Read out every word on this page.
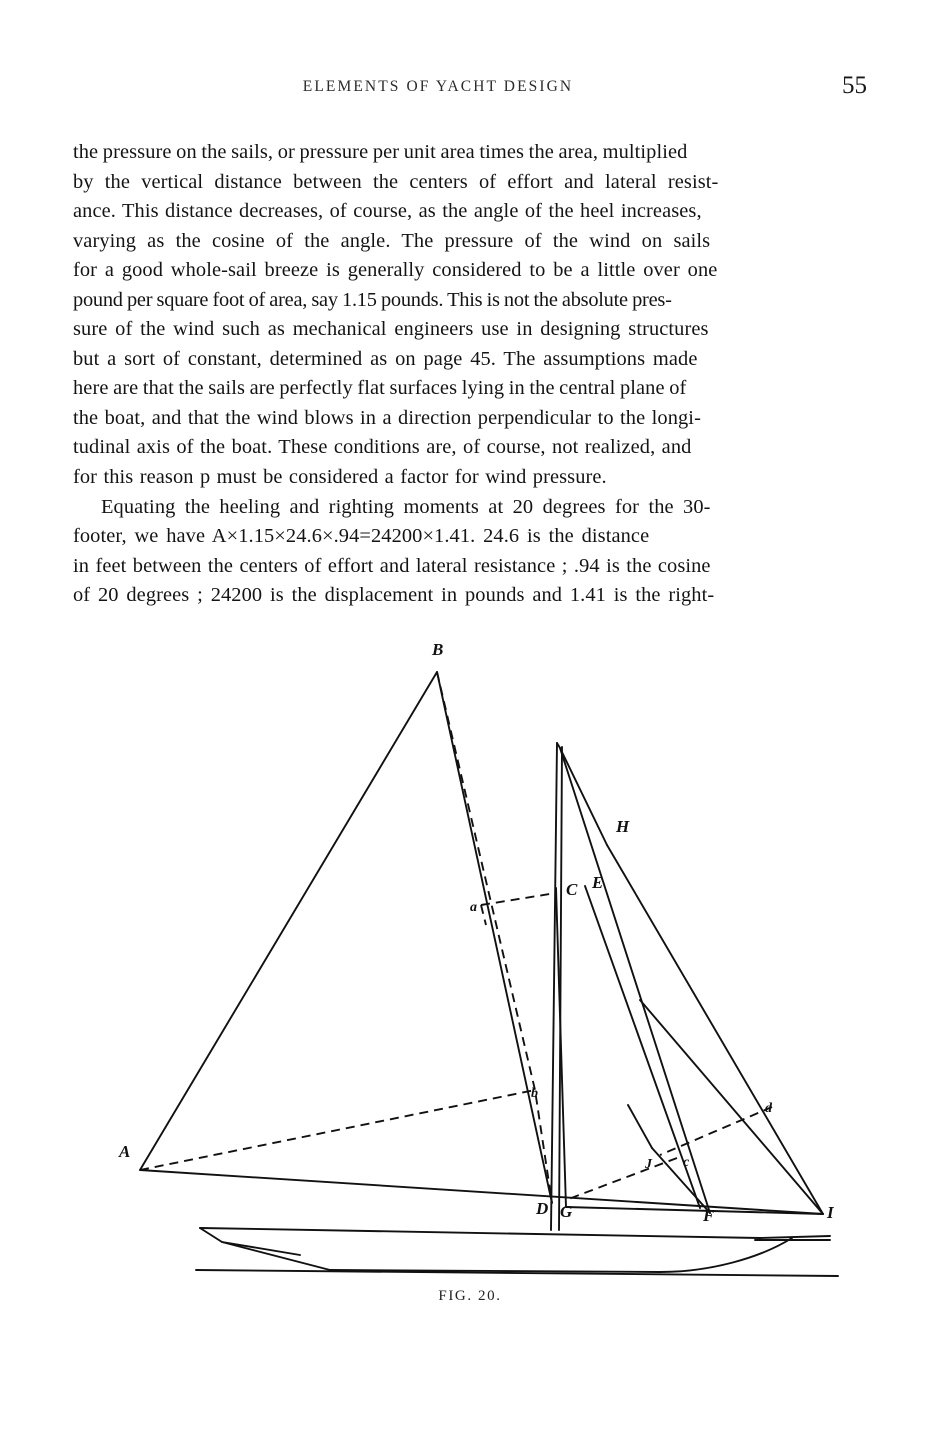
ELEMENTS OF YACHT DESIGN	55
the pressure on the sails, or pressure per unit area times the area, multiplied
by the vertical distance between the centers of effort and lateral resist-
ance. This distance decreases, of course, as the angle of the heel increases,
varying as the cosine of the angle. The pressure of the wind on sails
for a good whole-sail breeze is generally considered to be a little over one
pound per square foot of area, say 1.15 pounds. This is not the absolute pres-
sure of the wind such as mechanical engineers use in designing structures
but a sort of constant, determined as on page 45. The assumptions made
here are that the sails are perfectly flat surfaces lying in the central plane of
the boat, and that the wind blows in a direction perpendicular to the longi-
tudinal axis of the boat. These conditions are, of course, not realized, and
for this reason p must be considered a factor for wind pressure.
Equating the heeling and righting moments at 20 degrees for the 30-
footer, we have A×1.15×24.6×.94=24200×1.41. 24.6 is the distance
in feet between the centers of effort and lateral resistance ; .94 is the cosine
of 20 degrees ; 24200 is the displacement in pounds and 1.41 is the right-
B
H
C E
a
b
d
A
J c
D G	F	I
FIG. 20.
